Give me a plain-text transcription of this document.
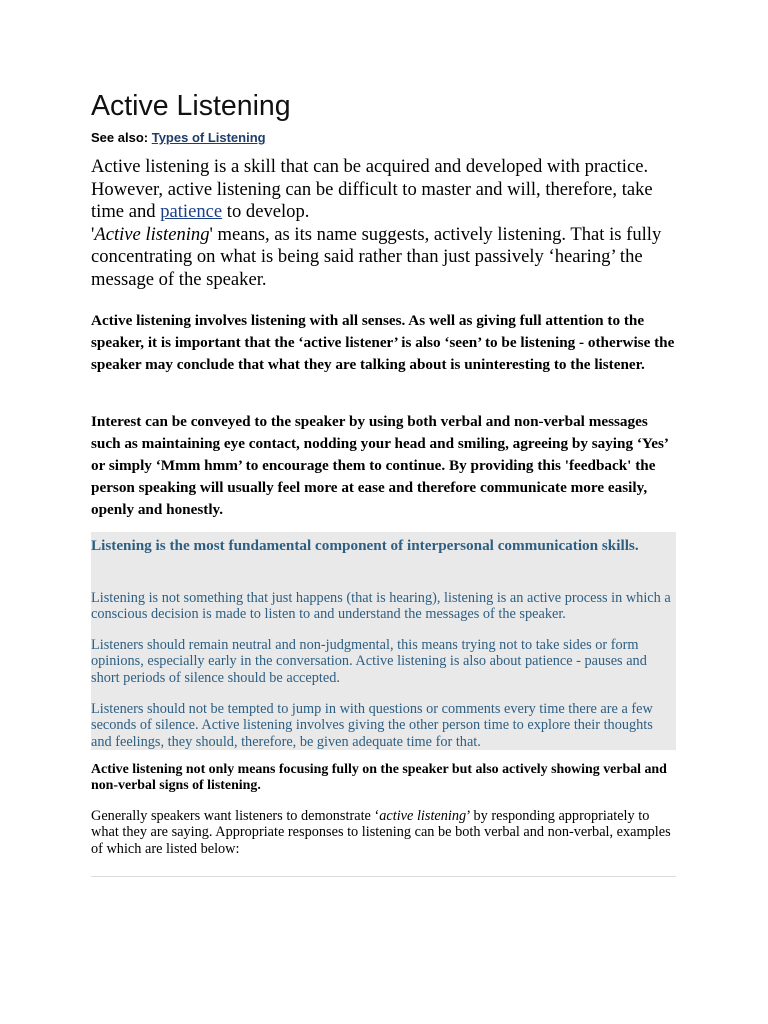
Active Listening
See also: Types of Listening

Active listening is a skill that can be acquired and developed with practice. However, active listening can be difficult to master and will, therefore, take time and patience to develop.
'Active listening' means, as its name suggests, actively listening. That is fully concentrating on what is being said rather than just passively ‘hearing’ the message of the speaker.

Active listening involves listening with all senses. As well as giving full attention to the speaker, it is important that the ‘active listener’ is also ‘seen’ to be listening - otherwise the speaker may conclude that what they are talking about is uninteresting to the listener.

Interest can be conveyed to the speaker by using both verbal and non-verbal messages such as maintaining eye contact, nodding your head and smiling, agreeing by saying ‘Yes’ or simply ‘Mmm hmm’ to encourage them to continue. By providing this 'feedback' the person speaking will usually feel more at ease and therefore communicate more easily, openly and honestly.

Listening is the most fundamental component of interpersonal communication skills.

Listening is not something that just happens (that is hearing), listening is an active process in which a conscious decision is made to listen to and understand the messages of the speaker.

Listeners should remain neutral and non-judgmental, this means trying not to take sides or form opinions, especially early in the conversation. Active listening is also about patience - pauses and short periods of silence should be accepted.

Listeners should not be tempted to jump in with questions or comments every time there are a few seconds of silence. Active listening involves giving the other person time to explore their thoughts and feelings, they should, therefore, be given adequate time for that.

Active listening not only means focusing fully on the speaker but also actively showing verbal and non-verbal signs of listening.

Generally speakers want listeners to demonstrate ‘active listening’ by responding appropriately to what they are saying. Appropriate responses to listening can be both verbal and non-verbal, examples of which are listed below:
